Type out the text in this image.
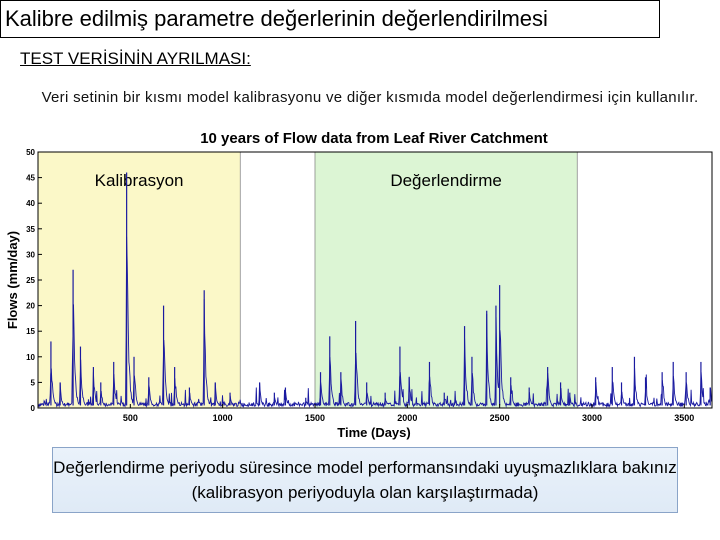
Kalibre edilmiş parametre değerlerinin değerlendirilmesi
TEST VERİSİNİN AYRILMASI:
Veri setinin bir kısmı model kalibrasyonu ve diğer kısmıda model değerlendirmesi için kullanılır.
Kalibrasyon	Değerlendirme
500	1000	1500	2000	2500	3000	3500
0
5
10
15
20
25
30
35
40
45
50
10 years of Flow data from Leaf River Catchment
Time (Days)
Flows (mm/day)
Değerlendirme periyodu süresince model performansındaki uyuşmazlıklara bakınız (kalibrasyon periyoduyla olan karşılaştırmada)
